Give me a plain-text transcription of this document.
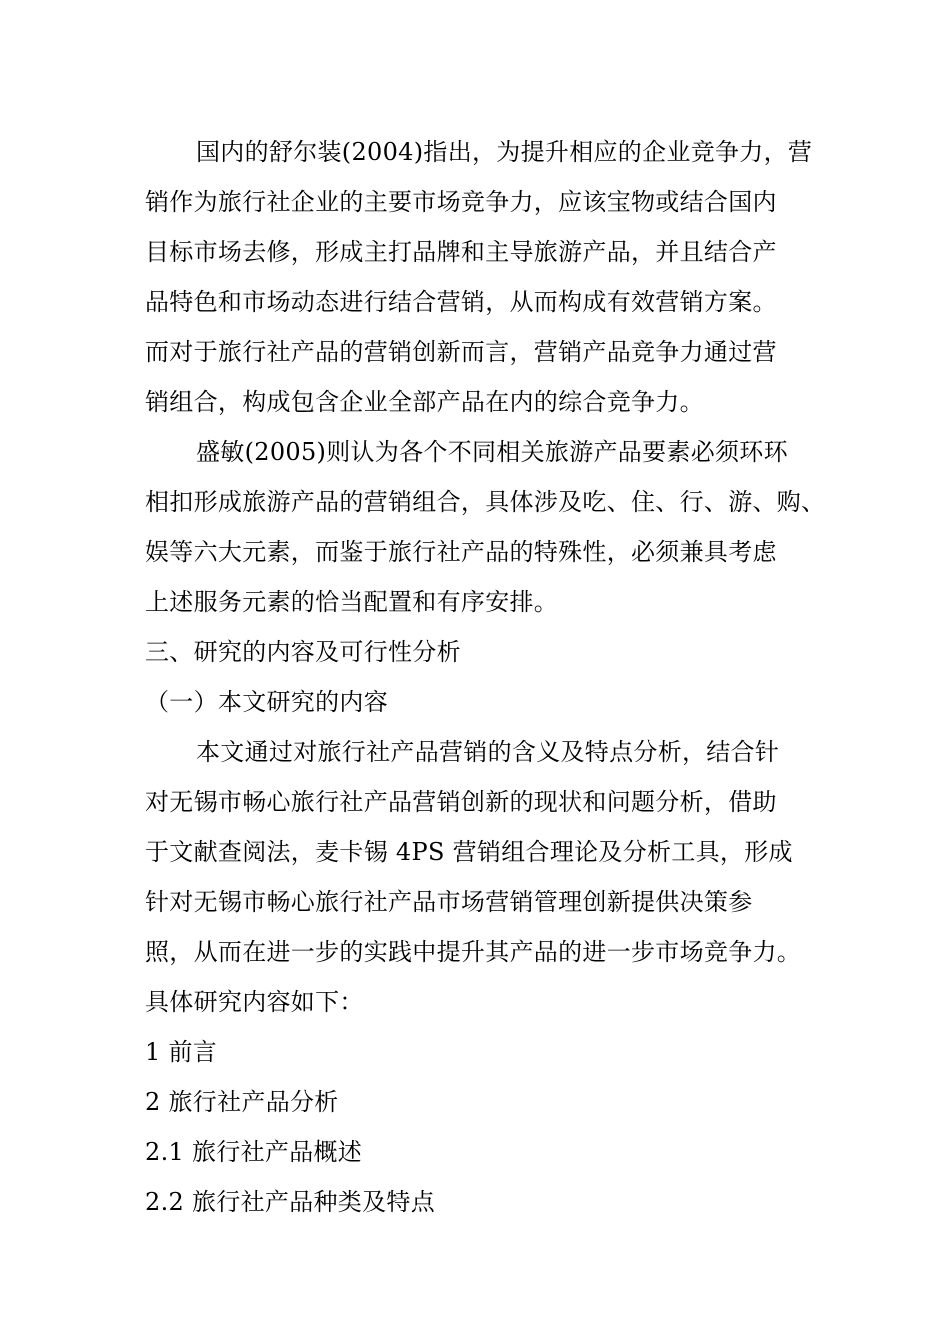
国内的舒尔装(2004)指出，为提升相应的企业竞争力，营
销作为旅行社企业的主要市场竞争力，应该宝物或结合国内
目标市场去修，形成主打品牌和主导旅游产品，并且结合产
品特色和市场动态进行结合营销，从而构成有效营销方案。
而对于旅行社产品的营销创新而言，营销产品竞争力通过营
销组合，构成包含企业全部产品在内的综合竞争力。
盛敏(2005)则认为各个不同相关旅游产品要素必须环环
相扣形成旅游产品的营销组合，具体涉及吃、住、行、游、购、
娱等六大元素，而鉴于旅行社产品的特殊性，必须兼具考虑
上述服务元素的恰当配置和有序安排。
三、研究的内容及可行性分析
（一）本文研究的内容
本文通过对旅行社产品营销的含义及特点分析，结合针
对无锡市畅心旅行社产品营销创新的现状和问题分析，借助
于文献查阅法，麦卡锡 4PS 营销组合理论及分析工具，形成
针对无锡市畅心旅行社产品市场营销管理创新提供决策参
照，从而在进一步的实践中提升其产品的进一步市场竞争力。
具体研究内容如下：
1 前言
2 旅行社产品分析
2.1 旅行社产品概述
2.2 旅行社产品种类及特点
